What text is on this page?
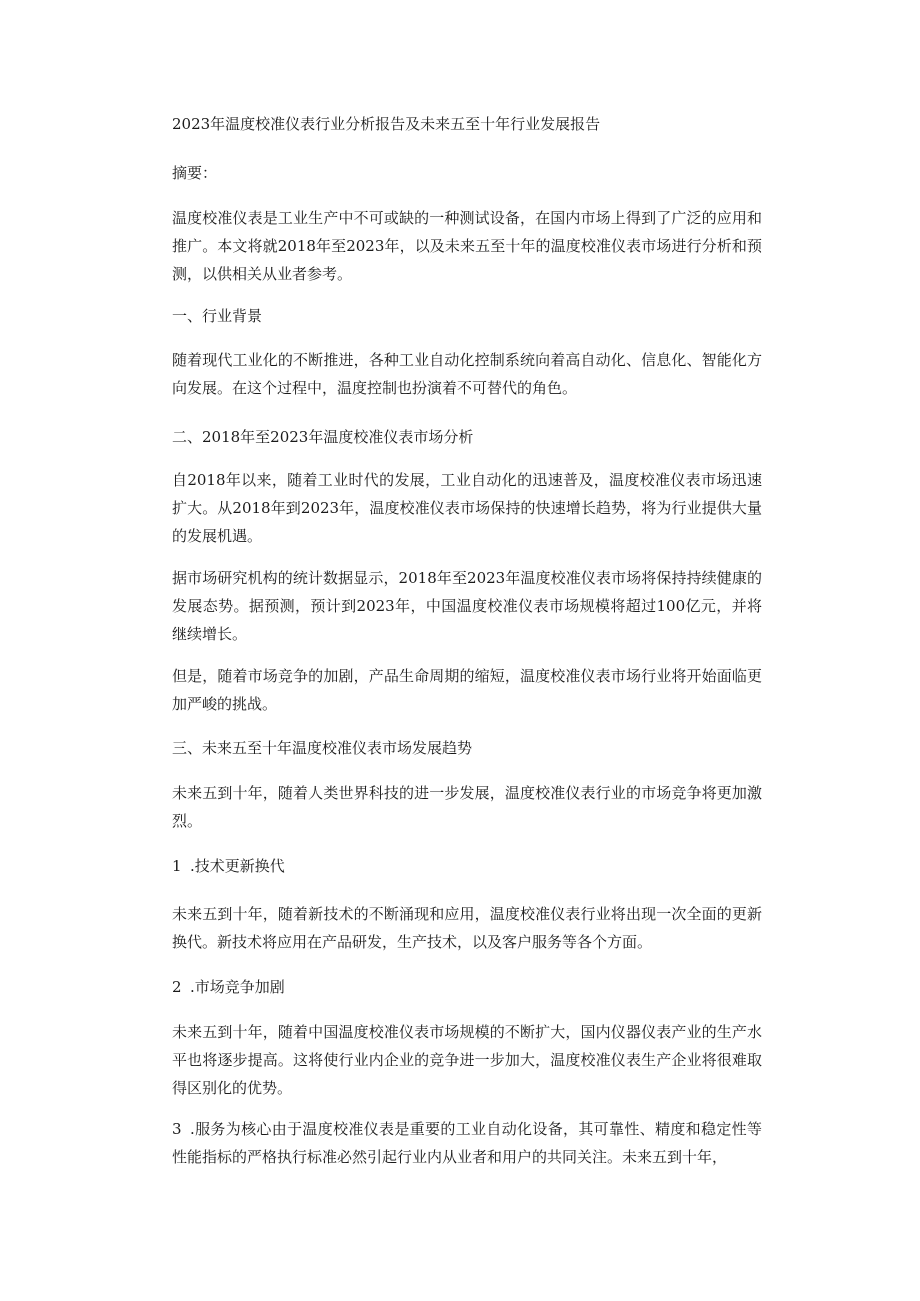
2023年温度校准仪表行业分析报告及未来五至十年行业发展报告

摘要：

温度校准仪表是工业生产中不可或缺的一种测试设备，在国内市场上得到了广泛的应用和推广。本文将就2018年至2023年，以及未来五至十年的温度校准仪表市场进行分析和预测，以供相关从业者参考。

一、行业背景

随着现代工业化的不断推进，各种工业自动化控制系统向着高自动化、信息化、智能化方向发展。在这个过程中，温度控制也扮演着不可替代的角色。

二、2018年至2023年温度校准仪表市场分析

自2018年以来，随着工业时代的发展，工业自动化的迅速普及，温度校准仪表市场迅速扩大。从2018年到2023年，温度校准仪表市场保持的快速增长趋势，将为行业提供大量的发展机遇。

据市场研究机构的统计数据显示，2018年至2023年温度校准仪表市场将保持持续健康的发展态势。据预测，预计到2023年，中国温度校准仪表市场规模将超过100亿元，并将继续增长。

但是，随着市场竞争的加剧，产品生命周期的缩短，温度校准仪表市场行业将开始面临更加严峻的挑战。

三、未来五至十年温度校准仪表市场发展趋势

未来五到十年，随着人类世界科技的进一步发展，温度校准仪表行业的市场竞争将更加激烈。

1 .技术更新换代

未来五到十年，随着新技术的不断涌现和应用，温度校准仪表行业将出现一次全面的更新换代。新技术将应用在产品研发，生产技术，以及客户服务等各个方面。

2 .市场竞争加剧

未来五到十年，随着中国温度校准仪表市场规模的不断扩大，国内仪器仪表产业的生产水平也将逐步提高。这将使行业内企业的竞争进一步加大，温度校准仪表生产企业将很难取得区别化的优势。

3 .服务为核心由于温度校准仪表是重要的工业自动化设备，其可靠性、精度和稳定性等性能指标的严格执行标准必然引起行业内从业者和用户的共同关注。未来五到十年，
